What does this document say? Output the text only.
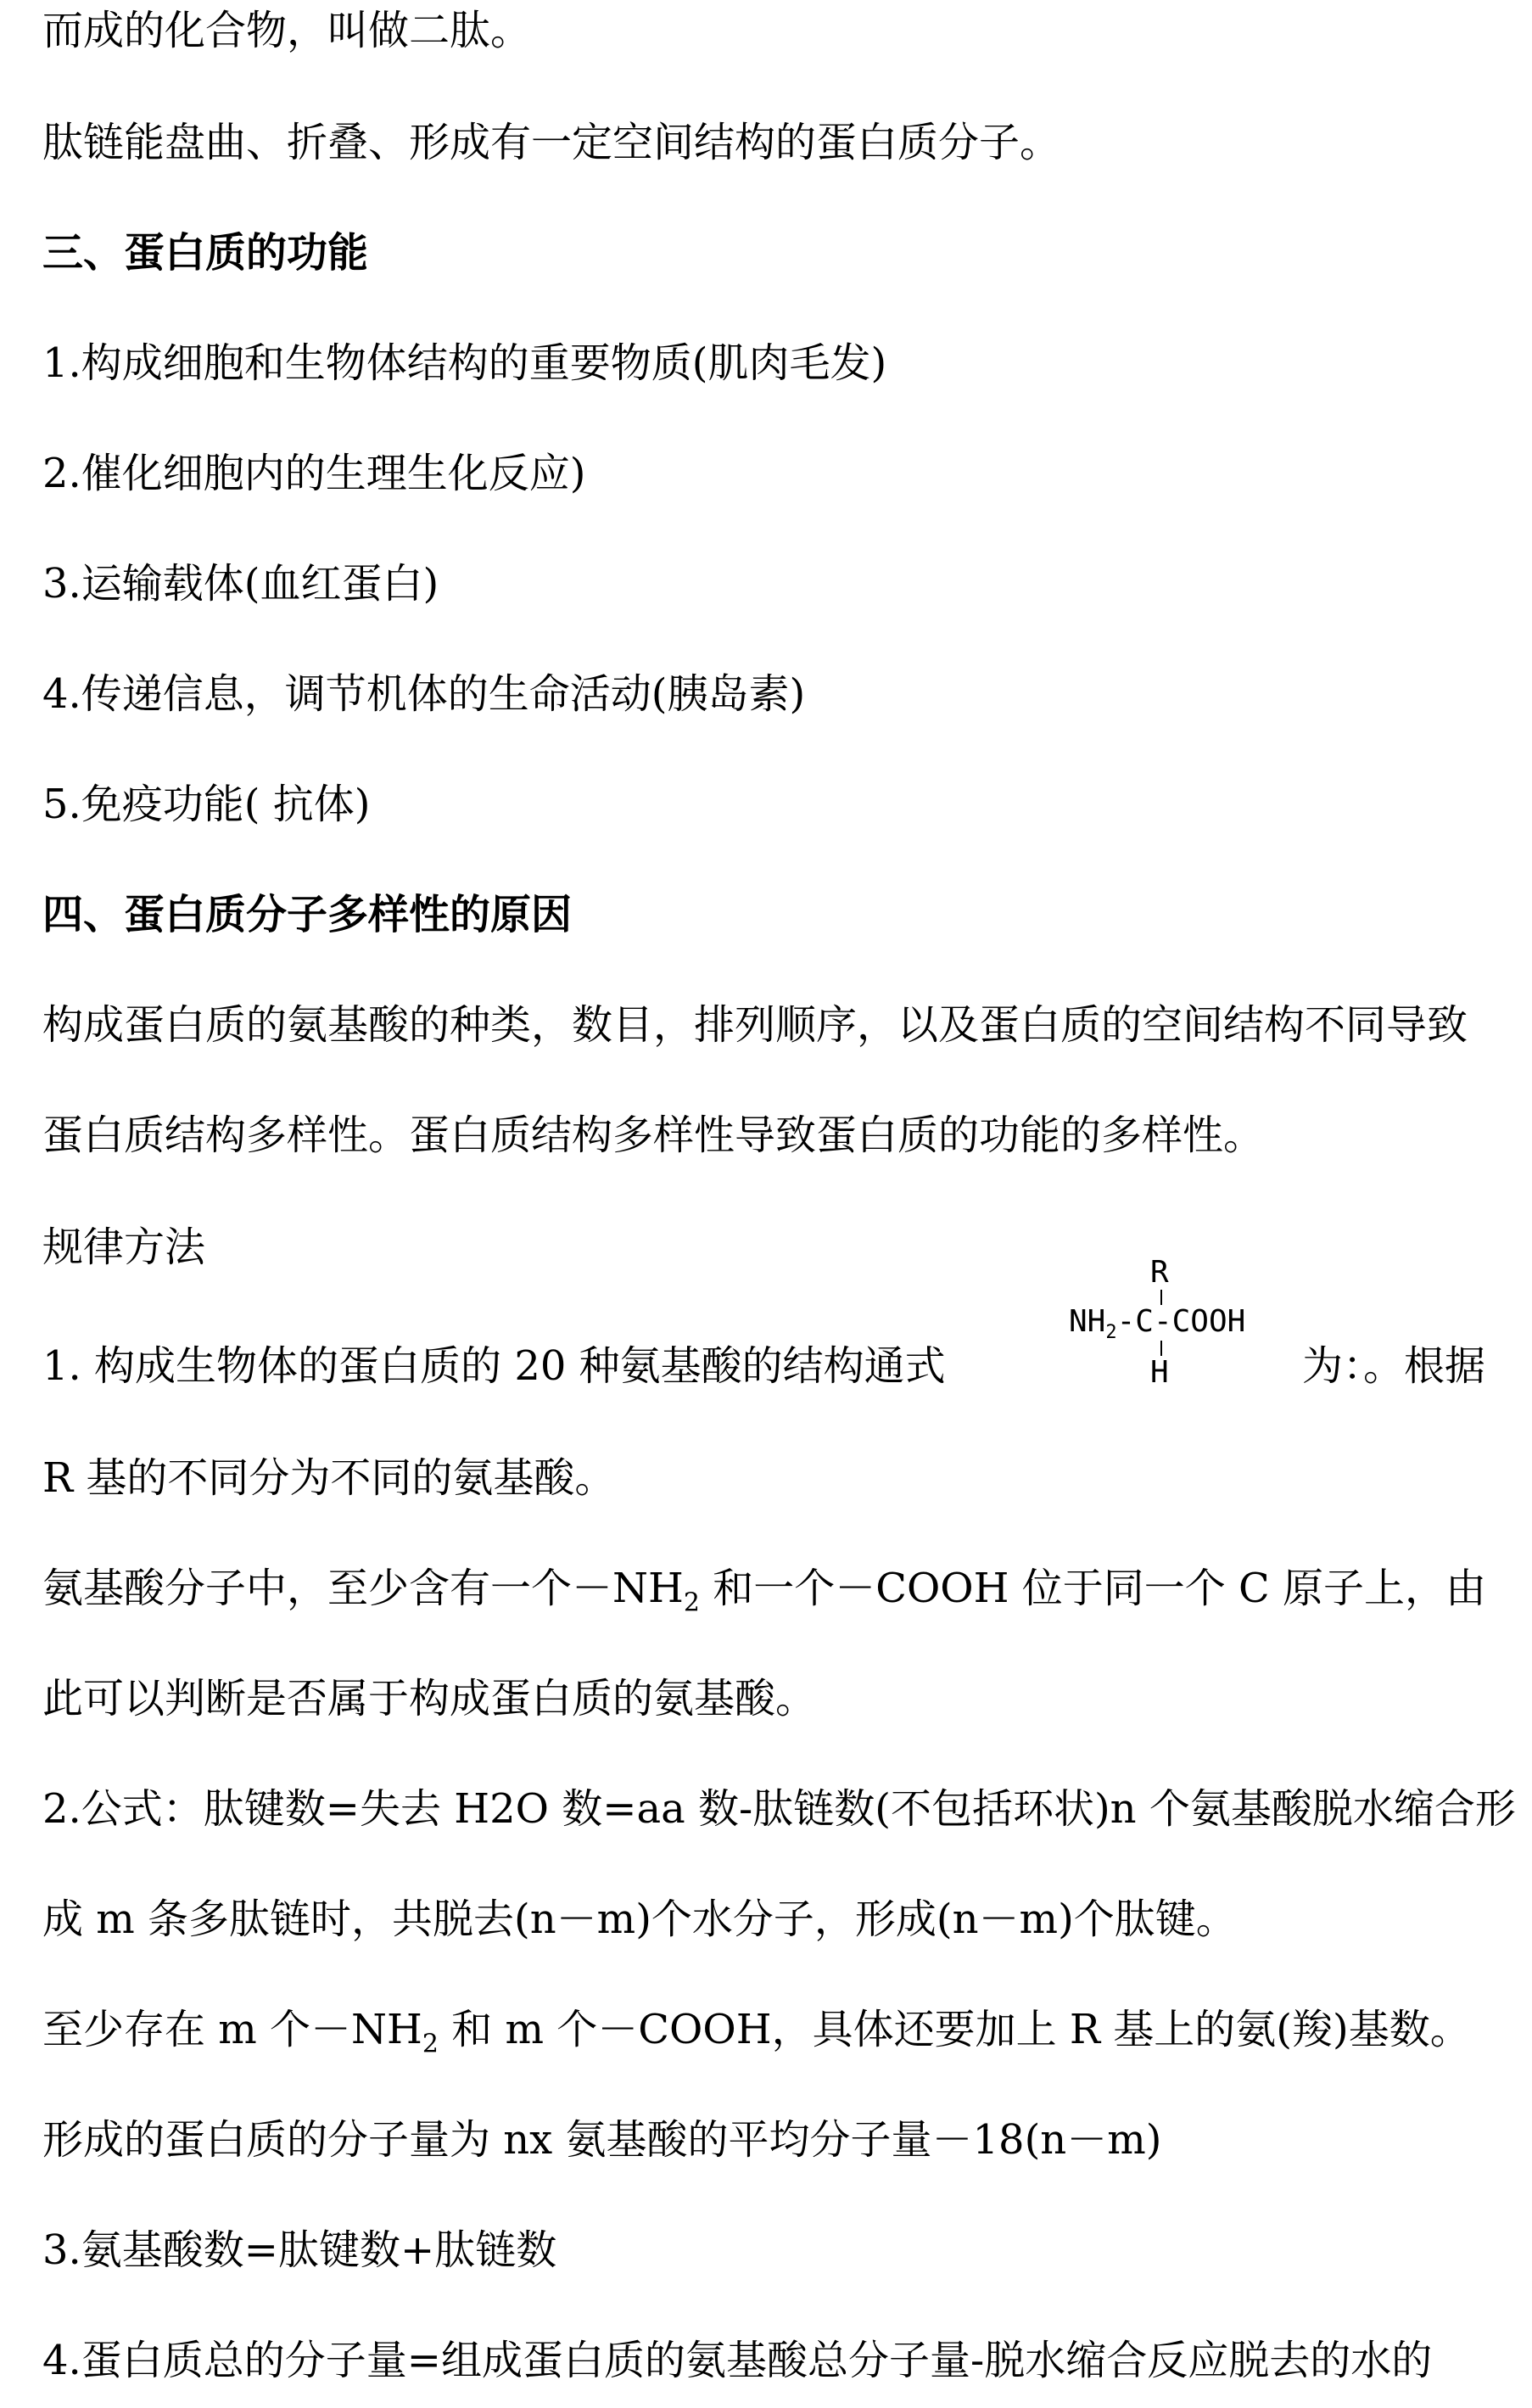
而成的化合物，叫做二肽。
肽链能盘曲、折叠、形成有一定空间结构的蛋白质分子。
三、蛋白质的功能
1.构成细胞和生物体结构的重要物质(肌肉毛发)
2.催化细胞内的生理生化反应)
3.运输载体(血红蛋白)
4.传递信息，调节机体的生命活动(胰岛素)
5.免疫功能( 抗体)
四、蛋白质分子多样性的原因
构成蛋白质的氨基酸的种类，数目，排列顺序，以及蛋白质的空间结构不同导致
蛋白质结构多样性。蛋白质结构多样性导致蛋白质的功能的多样性。
规律方法
1. 构成生物体的蛋白质的 20 种氨基酸的结构通式
R
$NH_2-C$-COOH
H	为：。根据
R 基的不同分为不同的氨基酸。
氨基酸分子中，至少含有一个$-NH_2$ 和一个－COOH 位于同一个 C 原子上，由
此可以判断是否属于构成蛋白质的氨基酸。
2.公式：肽键数=失去 H2O 数=aa 数-肽链数(不包括环状)n 个氨基酸脱水缩合形
成 m 条多肽链时，共脱去(n－m)个水分子，形成(n－m)个肽键。
至少存在 m 个$-NH_2$ 和 m 个－COOH，具体还要加上 R 基上的氨(羧)基数。
形成的蛋白质的分子量为 nx 氨基酸的平均分子量－18(n－m)
3.氨基酸数=肽键数+肽链数
4.蛋白质总的分子量=组成蛋白质的氨基酸总分子量-脱水缩合反应脱去的水的
